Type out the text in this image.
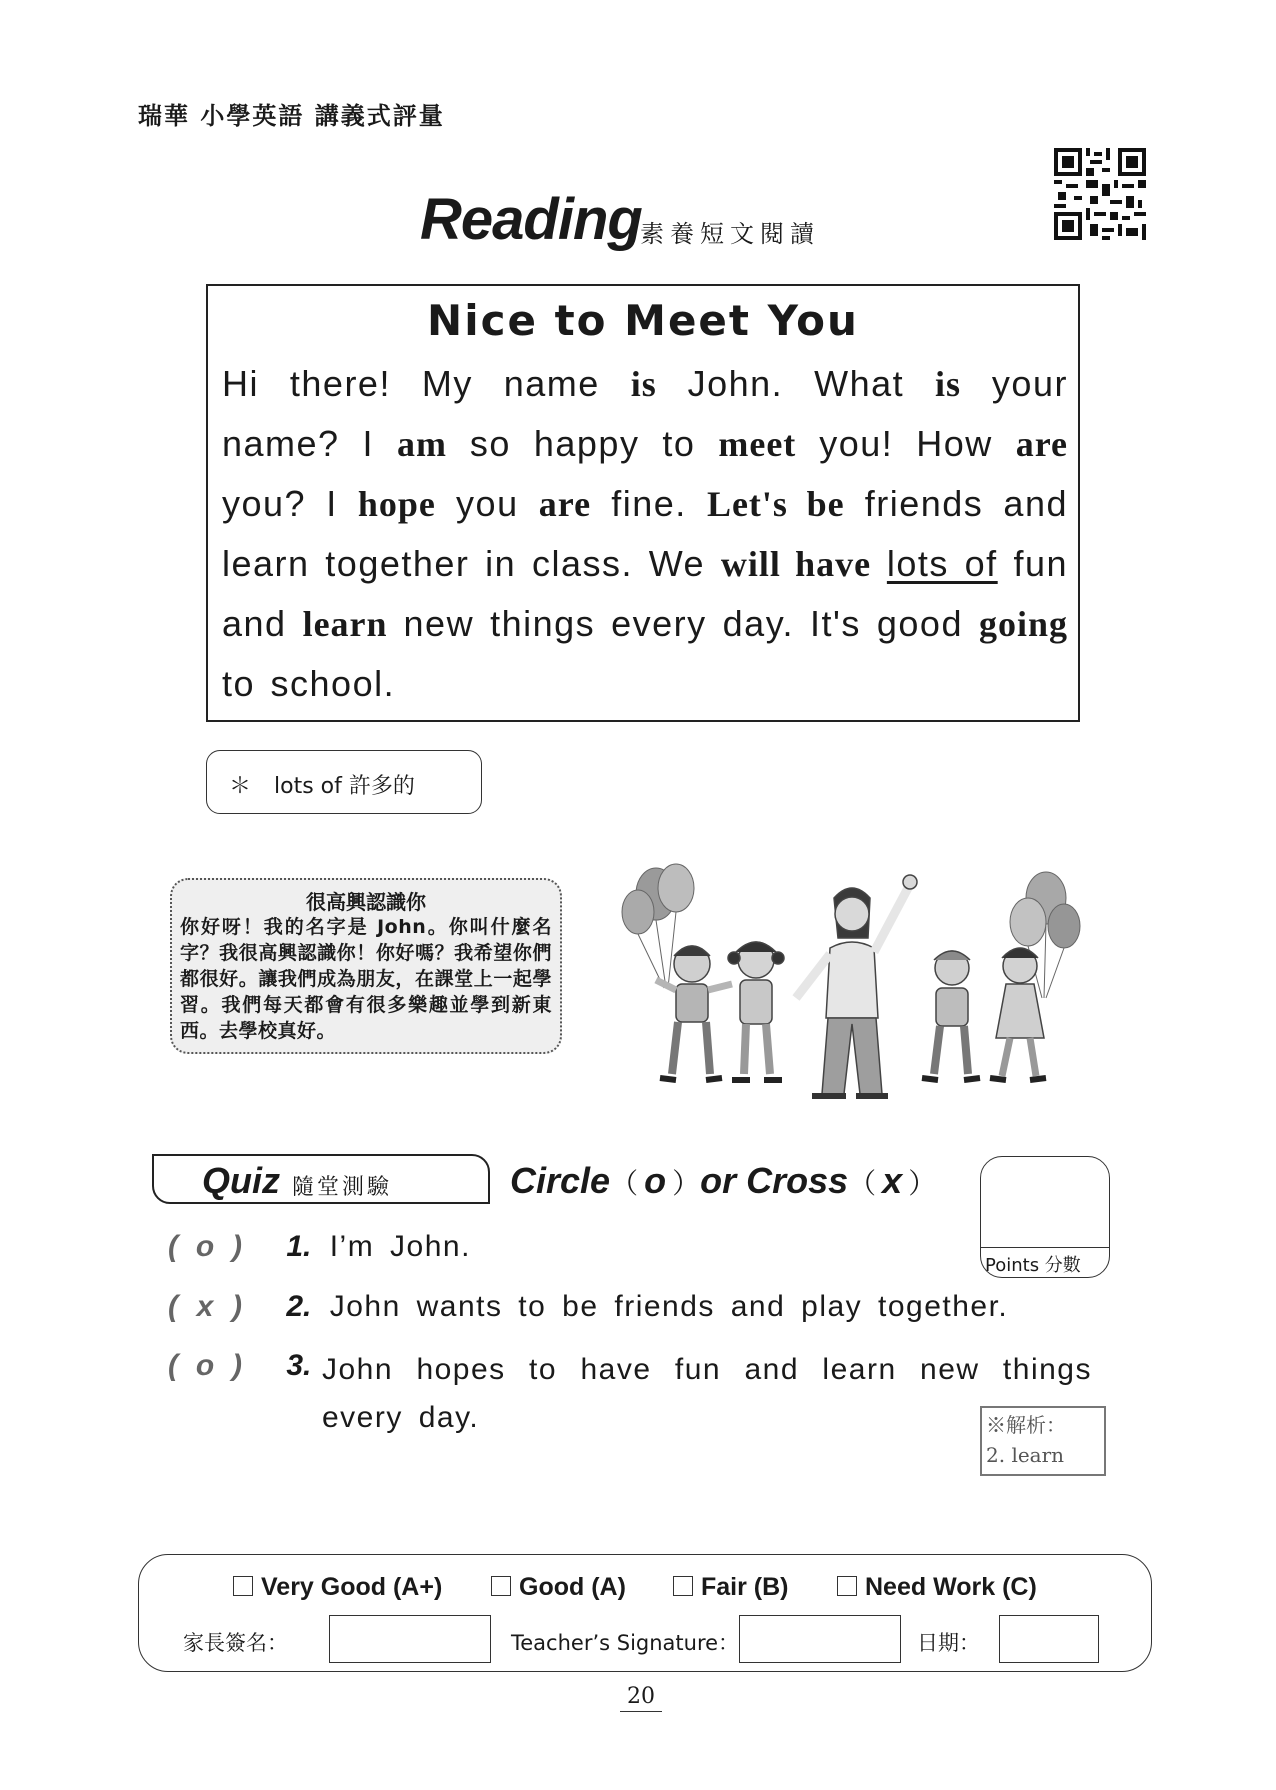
瑞華 小學英語 講義式評量
Reading
素養短文閱讀
Nice to Meet You
Hi there! My name is John. What is your name? I am so happy to meet you! How are you? I hope you are fine. Let's be friends and learn together in class. We will have lots of fun and learn new things every day. It's good going to school.
＊ lots of 許多的
很高興認識你
你好呀！我的名字是 John。你叫什麼名字？我很高興認識你！你好嗎？我希望你們都很好。讓我們成為朋友，在課堂上一起學習。我們每天都會有很多樂趣並學到新東西。去學校真好。
Quiz 隨堂測驗	Circle（ o ）or Cross（ x ）
Points 分數
( o ) 1. I’m John.
( x ) 2. John wants to be friends and play together.
( o ) 3. John hopes to have fun and learn new things every day.	※解析：
2. learn
Very Good (A+)	Good (A)	Fair (B)	Need Work (C)
家長簽名：	Teacher’s Signature：	日期：
20
